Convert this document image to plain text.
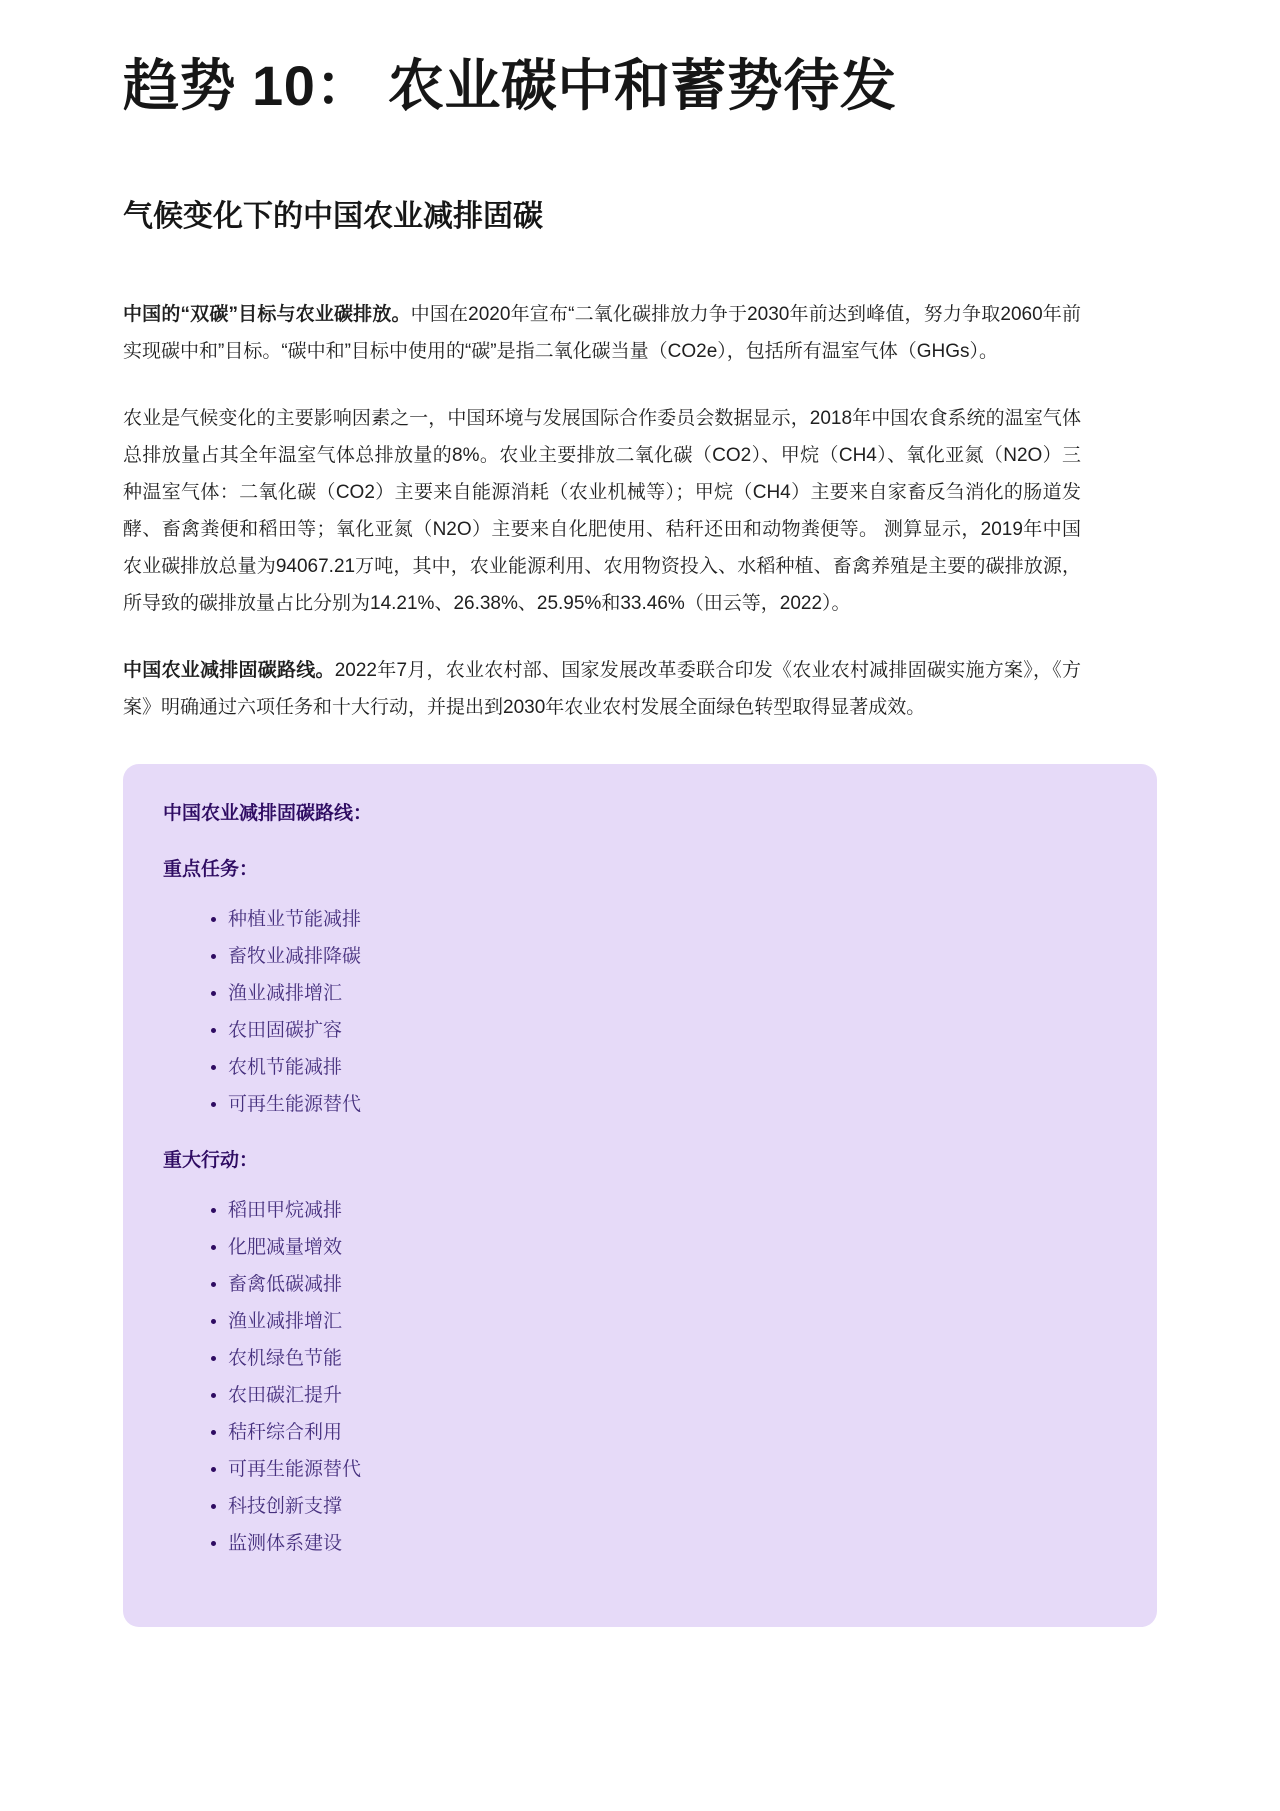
趋势 10： 农业碳中和蓄势待发
气候变化下的中国农业减排固碳

中国的“双碳”目标与农业碳排放。中国在2020年宣布“二氧化碳排放力争于2030年前达到峰值，努力争取2060年前实现碳中和”目标。“碳中和”目标中使用的“碳”是指二氧化碳当量（CO2e），包括所有温室气体（GHGs）。

农业是气候变化的主要影响因素之一，中国环境与发展国际合作委员会数据显示，2018年中国农食系统的温室气体总排放量占其全年温室气体总排放量的8%。农业主要排放二氧化碳（CO2）、甲烷（CH4）、氧化亚氮（N2O）三种温室气体：二氧化碳（CO2）主要来自能源消耗（农业机械等）；甲烷（CH4）主要来自家畜反刍消化的肠道发酵、畜禽粪便和稻田等；氧化亚氮（N2O）主要来自化肥使用、秸秆还田和动物粪便等。 测算显示，2019年中国农业碳排放总量为94067.21万吨，其中，农业能源利用、农用物资投入、水稻种植、畜禽养殖是主要的碳排放源，所导致的碳排放量占比分别为14.21%、26.38%、25.95%和33.46%（田云等，2022）。

中国农业减排固碳路线。2022年7月，农业农村部、国家发展改革委联合印发《农业农村减排固碳实施方案》，《方案》明确通过六项任务和十大行动，并提出到2030年农业农村发展全面绿色转型取得显著成效。

中国农业减排固碳路线：

重点任务：

• 种植业节能减排
• 畜牧业减排降碳
• 渔业减排增汇
• 农田固碳扩容
• 农机节能减排
• 可再生能源替代

重大行动：

• 稻田甲烷减排
• 化肥减量增效
• 畜禽低碳减排
• 渔业减排增汇
• 农机绿色节能
• 农田碳汇提升
• 秸秆综合利用
• 可再生能源替代
• 科技创新支撑
• 监测体系建设
